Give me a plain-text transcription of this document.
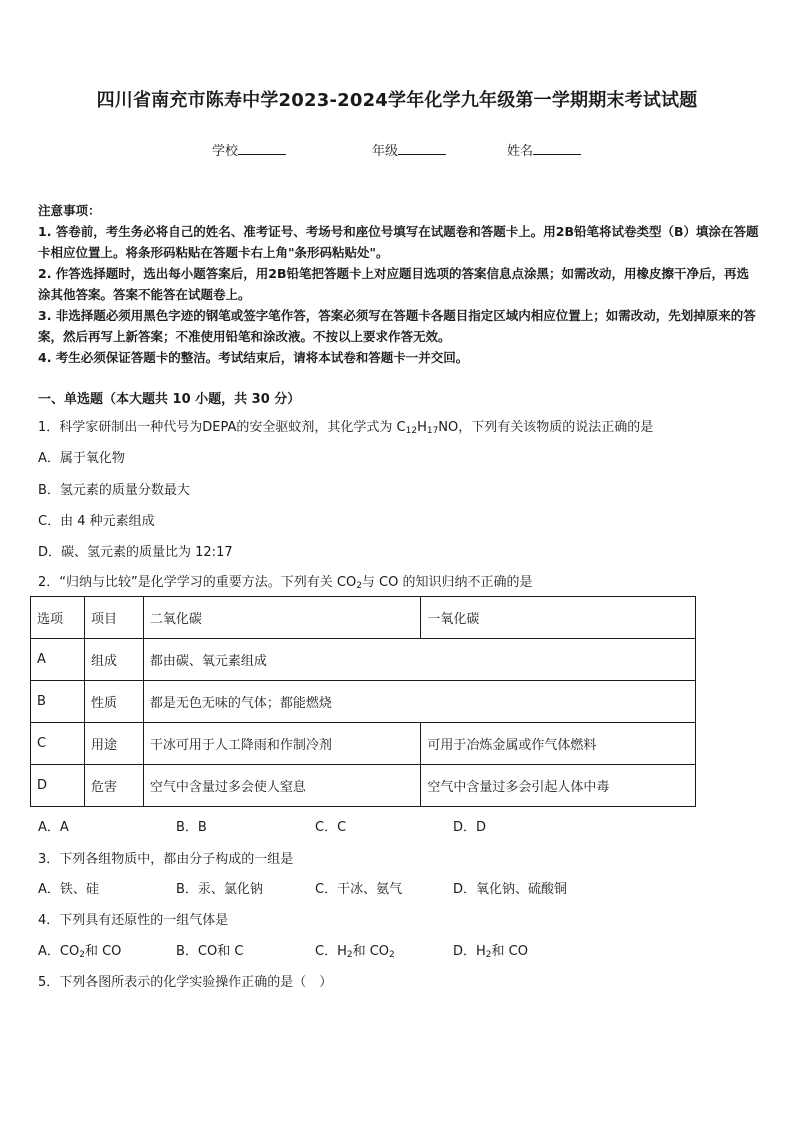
四川省南充市陈寿中学2023-2024学年化学九年级第一学期期末考试试题
学校	年级	姓名
注意事项：
1. 答卷前，考生务必将自己的姓名、准考证号、考场号和座位号填写在试题卷和答题卡上。用2B铅笔将试卷类型（B）填涂在答题卡相应位置上。将条形码粘贴在答题卡右上角"条形码粘贴处"。
2. 作答选择题时，选出每小题答案后，用2B铅笔把答题卡上对应题目选项的答案信息点涂黑；如需改动，用橡皮擦干净后，再选涂其他答案。答案不能答在试题卷上。
3. 非选择题必须用黑色字迹的钢笔或签字笔作答，答案必须写在答题卡各题目指定区域内相应位置上；如需改动，先划掉原来的答案，然后再写上新答案；不准使用铅笔和涂改液。不按以上要求作答无效。
4. 考生必须保证答题卡的整洁。考试结束后，请将本试卷和答题卡一并交回。
一、单选题（本大题共 10 小题，共 30 分）
1．科学家研制出一种代号为DEPA的安全驱蚊剂，其化学式为 $C_{12}H_{17}NO$，下列有关该物质的说法正确的是
A．属于氧化物
B．氢元素的质量分数最大
C．由 4 种元素组成
D．碳、氢元素的质量比为 12:17
2．“归纳与比较”是化学学习的重要方法。下列有关 $CO_2$与 CO 的知识归纳不正确的是
选项	项目	二氧化碳	一氧化碳
A	组成	都由碳、氧元素组成	
B	性质	都是无色无味的气体；都能燃烧	
C	用途	干冰可用于人工降雨和作制冷剂	可用于冶炼金属或作气体燃料
D	危害	空气中含量过多会使人窒息	空气中含量过多会引起人体中毒
A．A	B．B	C．C	D．D
3．下列各组物质中，都由分子构成的一组是
A．铁、硅	B．汞、氯化钠	C．干冰、氨气	D．氧化钠、硫酸铜
4．下列具有还原性的一组气体是
A．$CO_2$和 CO	B．CO和 C	C．$H_2$和 $CO_2$	D．$H_2$和 CO
5．下列各图所表示的化学实验操作正确的是（　）
